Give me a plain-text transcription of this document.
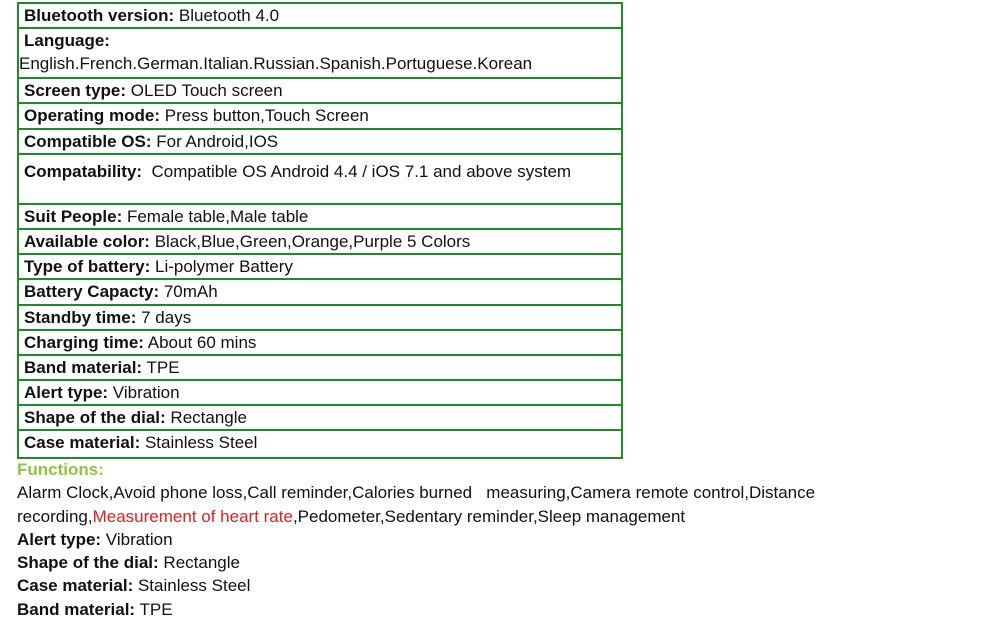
Bluetooth version: Bluetooth 4.0
Language:
English.French.German.Italian.Russian.Spanish.Portuguese.Korean
Screen type: OLED Touch screen
Operating mode: Press button,Touch Screen
Compatible OS: For Android,IOS
Compatability:  Compatible OS Android 4.4 / iOS 7.1 and above system
Suit People: Female table,Male table
Available color: Black,Blue,Green,Orange,Purple 5 Colors
Type of battery: Li-polymer Battery
Battery Capacty: 70mAh
Standby time: 7 days
Charging time: About 60 mins
Band material: TPE
Alert type: Vibration
Shape of the dial: Rectangle
Case material: Stainless Steel
Functions:
Alarm Clock,Avoid phone loss,Call reminder,Calories burned   measuring,Camera remote control,Distance
recording,Measurement of heart rate,Pedometer,Sedentary reminder,Sleep management
Alert type: Vibration
Shape of the dial: Rectangle
Case material: Stainless Steel
Band material: TPE
